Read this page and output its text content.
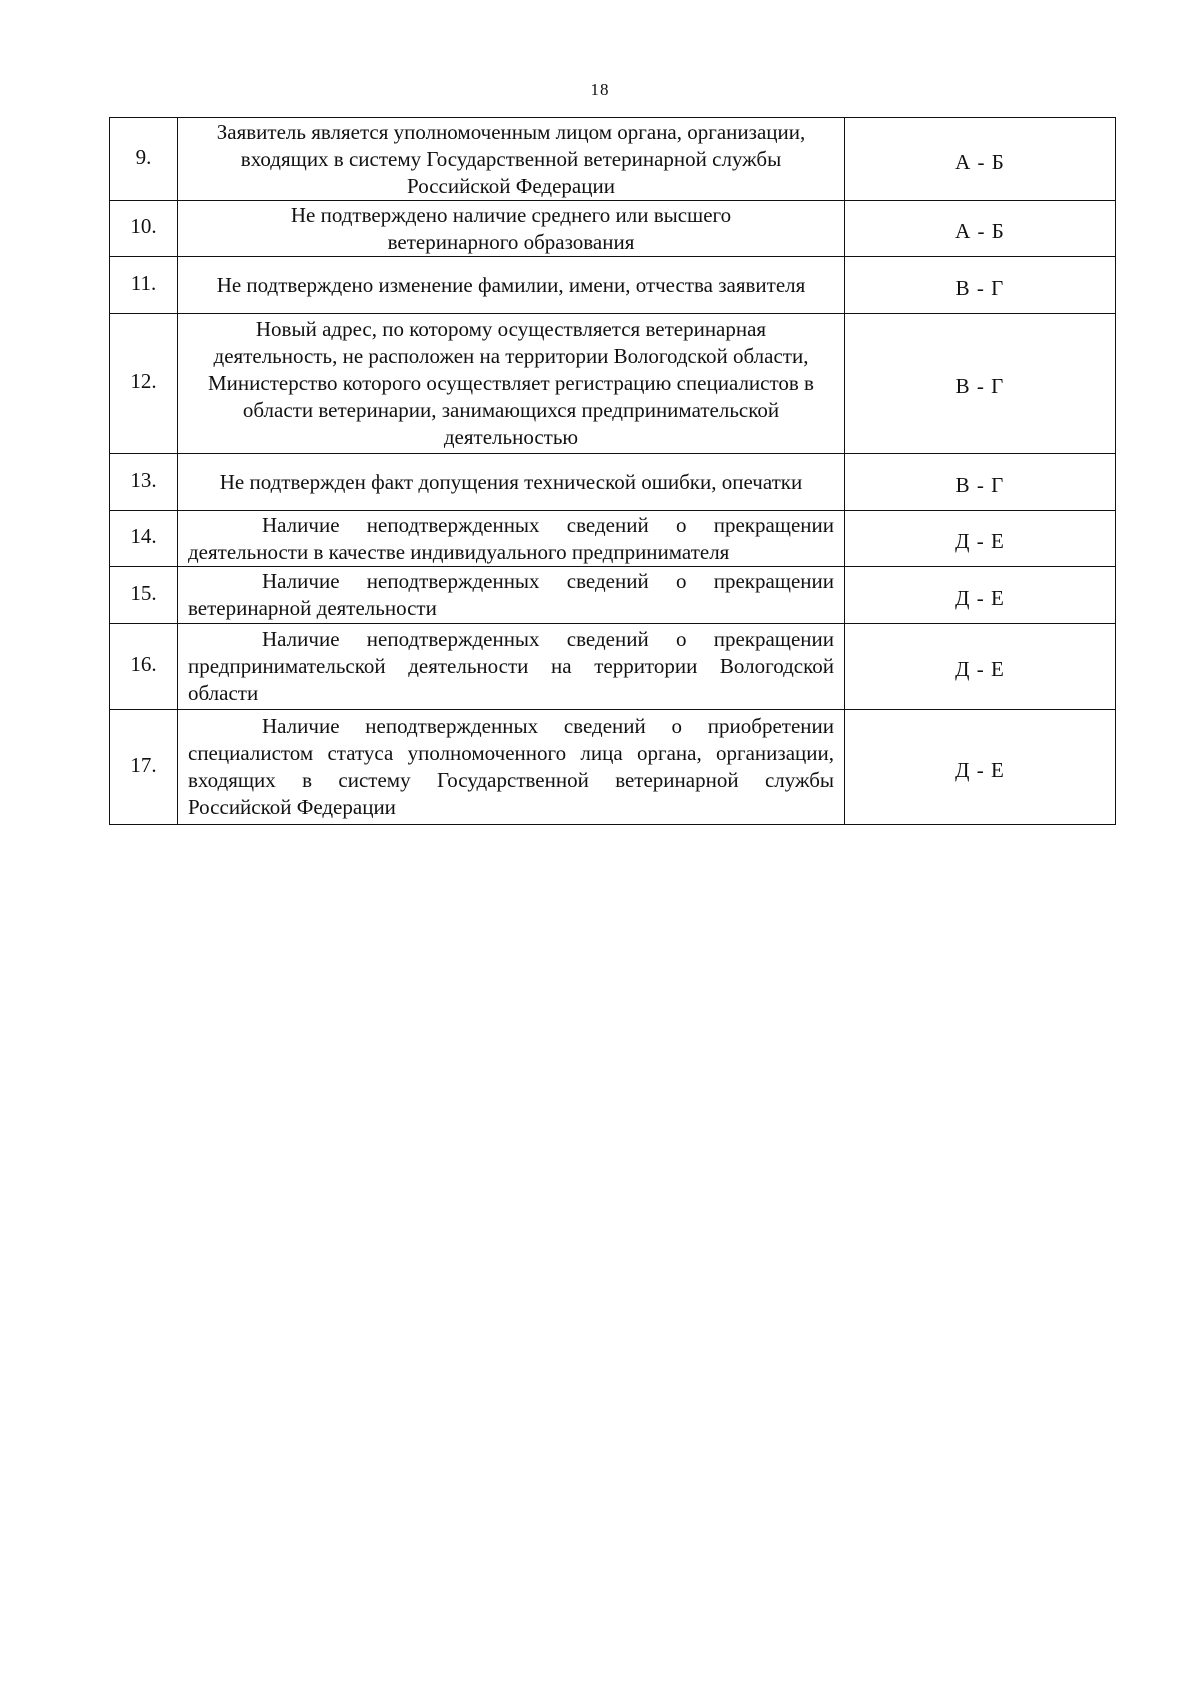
18
9.	Заявитель является уполномоченным лицом органа, организации, входящих в систему Государственной ветеринарной службы Российской Федерации	А - Б
10.	Не подтверждено наличие среднего или высшего ветеринарного образования	А - Б
11.	Не подтверждено изменение фамилии, имени, отчества заявителя	В - Г
12.	Новый адрес, по которому осуществляется ветеринарная деятельность, не расположен на территории Вологодской области, Министерство которого осуществляет регистрацию специалистов в области ветеринарии, занимающихся предпринимательской деятельностью	В - Г
13.	Не подтвержден факт допущения технической ошибки, опечатки	В - Г
14.	Наличие неподтвержденных сведений о прекращении деятельности в качестве индивидуального предпринимателя	Д - Е
15.	Наличие неподтвержденных сведений о прекращении ветеринарной деятельности	Д - Е
16.	Наличие неподтвержденных сведений о прекращении предпринимательской деятельности на территории Вологодской области	Д - Е
17.	Наличие неподтвержденных сведений о приобретении специалистом статуса уполномоченного лица органа, организации, входящих в систему Государственной ветеринарной службы Российской Федерации	Д - Е
